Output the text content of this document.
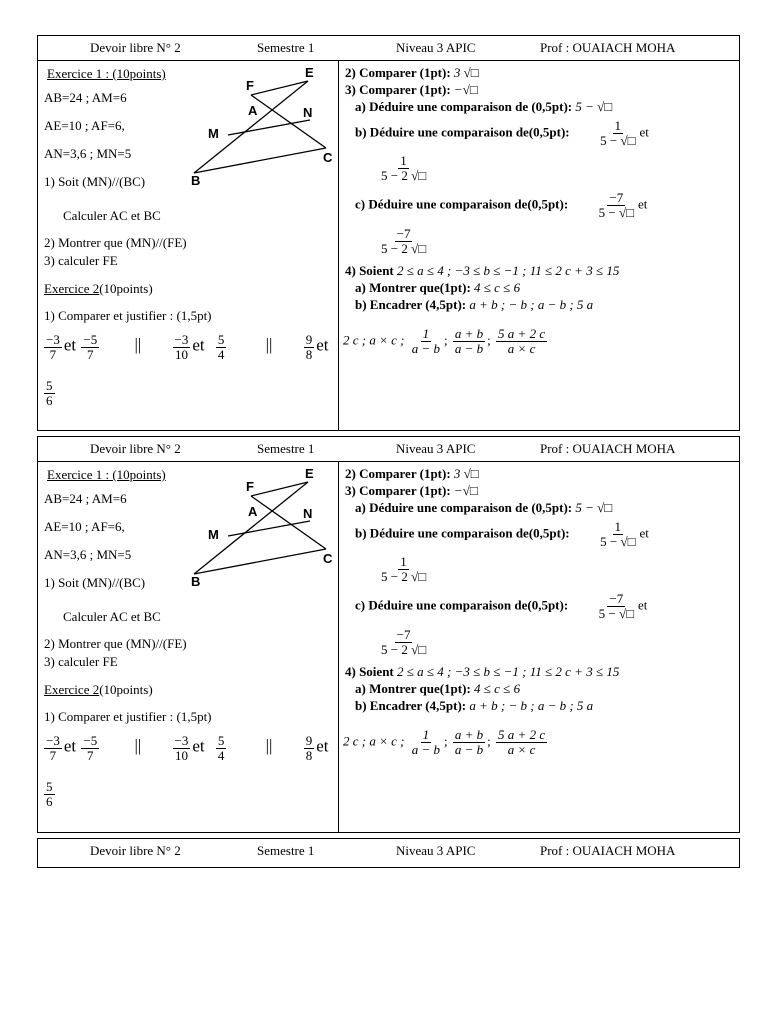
Devoir libre N° 2	Semestre 1	Niveau 3 APIC	Prof : OUAIACH MOHA
Exercice 1 : (10points)
AB=24 ; AM=6
AE=10 ; AF=6,
AN=3,6 ; MN=5
F
E
A	N
M
C
B
1) Soit (MN)//(BC)
Calculer AC et BC
2) Montrer que (MN)//(FE)
3) calculer FE
Exercice 2(10points)
1) Comparer et justifier : (1,5pt)
$\frac{-3}{7}$ et $\frac{-5}{7}$ || $\frac{-3}{10}$ et $\frac{5}{4}$ || $\frac{9}{8}$ et
$\frac{5}{6}$
2) Comparer (1pt): 3 √□
3) Comparer (1pt): −√□
a) Déduire une comparaison de (0,5pt): 5 − √□
b) Déduire une comparaison de(0,5pt): $\frac{1}{5 - √□}$ et
$\frac{1}{5 - 2 √□}$
c) Déduire une comparaison de(0,5pt): $\frac{-7}{5 - √□}$ et
$\frac{-7}{5 - 2 √□}$
4) Soient 2 ≤ a ≤ 4 ; −3 ≤ b ≤ −1 ; 11 ≤ 2 c + 3 ≤ 15
a) Montrer que(1pt): 4 ≤ c ≤ 6
b) Encadrer (4,5pt): a + b ; − b ; a − b ; 5 a
2 c ; a × c ; $\frac{1}{a - b}$ ; $\frac{a + b}{a - b}$ ; $\frac{5 a + 2 c}{a \times c}$
Devoir libre N° 2	Semestre 1	Niveau 3 APIC	Prof : OUAIACH MOHA
Exercice 1 : (10points)
AB=24 ; AM=6
AE=10 ; AF=6,
AN=3,6 ; MN=5
F
E
A	N
M
C
B
1) Soit (MN)//(BC)
Calculer AC et BC
2) Montrer que (MN)//(FE)
3) calculer FE
Exercice 2(10points)
1) Comparer et justifier : (1,5pt)
$\frac{-3}{7}$ et $\frac{-5}{7}$ || $\frac{-3}{10}$ et $\frac{5}{4}$ || $\frac{9}{8}$ et
$\frac{5}{6}$
2) Comparer (1pt): 3 √□
3) Comparer (1pt): −√□
a) Déduire une comparaison de (0,5pt): 5 − √□
b) Déduire une comparaison de(0,5pt): $\frac{1}{5 - √□}$ et
$\frac{1}{5 - 2 √□}$
c) Déduire une comparaison de(0,5pt): $\frac{-7}{5 - √□}$ et
$\frac{-7}{5 - 2 √□}$
4) Soient 2 ≤ a ≤ 4 ; −3 ≤ b ≤ −1 ; 11 ≤ 2 c + 3 ≤ 15
a) Montrer que(1pt): 4 ≤ c ≤ 6
b) Encadrer (4,5pt): a + b ; − b ; a − b ; 5 a
2 c ; a × c ; $\frac{1}{a - b}$ ; $\frac{a + b}{a - b}$ ; $\frac{5 a + 2 c}{a \times c}$
Devoir libre N° 2	Semestre 1	Niveau 3 APIC	Prof : OUAIACH MOHA
